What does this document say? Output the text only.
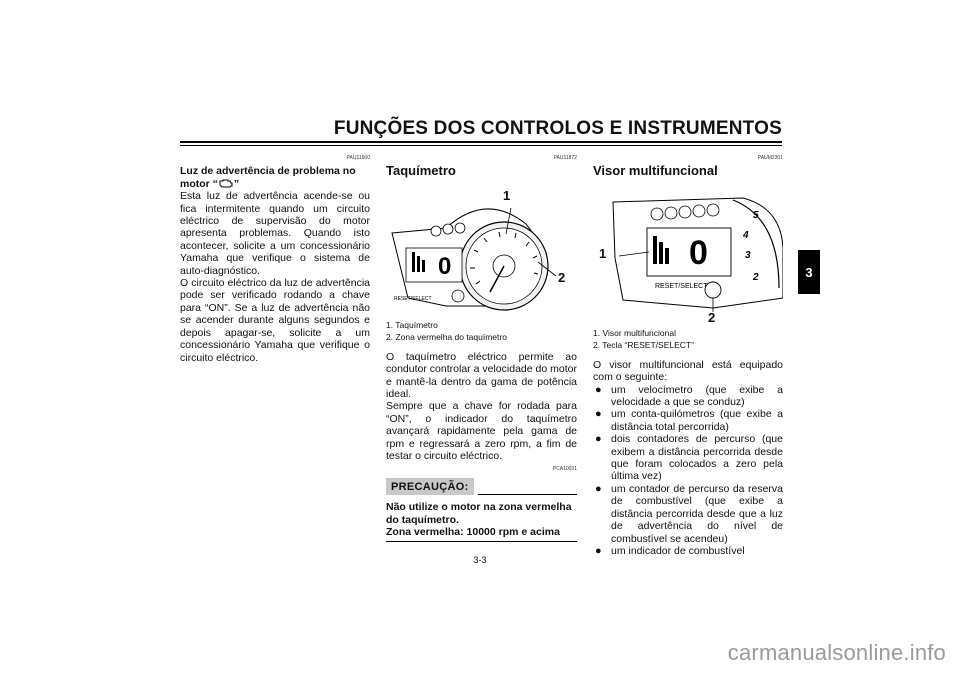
FUNÇÕES DOS CONTROLOS E INSTRUMENTOS
3
PAU11500
Luz de advertência de problema no
motor “ ”

Esta luz de advertência acende-se ou fica intermitente quando um circuito eléctrico de supervisão do motor apresenta problemas. Quando isto acontecer, solicite a um concessionário Yamaha que verifique o sistema de auto-diagnóstico.

O circuito eléctrico da luz de advertência pode ser verificado rodando a chave para “ON”. Se a luz de advertência não se acender durante alguns segundos e depois apagar-se, solicite a um concessionário Yamaha que verifique o circuito eléctrico.

PAU11872
Taquímetro
0
RESET/SELECT
1
2
1. Taquímetro
2. Zona vermelha do taquímetro

O taquímetro eléctrico permite ao condutor controlar a velocidade do motor e mantê-la dentro da gama de potência ideal.

Sempre que a chave for rodada para “ON”, o indicador do taquímetro avançará rapidamente pela gama de rpm e regressará a zero rpm, a fim de testar o circuito eléctrico.

PCA10031
PRECAUÇÃO:
Não utilize o motor na zona vermelha do taquímetro.
Zona vermelha: 10000 rpm e acima
PAUM2301
Visor multifuncional
0	4
5
3
2
RESET/SELECT
1
2
1. Visor multifuncional
2. Tecla “RESET/SELECT”

O visor multifuncional está equipado com o seguinte:

● um velocímetro (que exibe a velocidade a que se conduz)
● um conta-quilómetros (que exibe a distância total percorrida)
● dois contadores de percurso (que exibem a distância percorrida desde que foram colocados a zero pela última vez)
● um contador de percurso da reserva de combustível (que exibe a distância percorrida desde que a luz de advertência do nível de combustível se acendeu)
● um indicador de combustível
3-3
carmanualsonline.info
